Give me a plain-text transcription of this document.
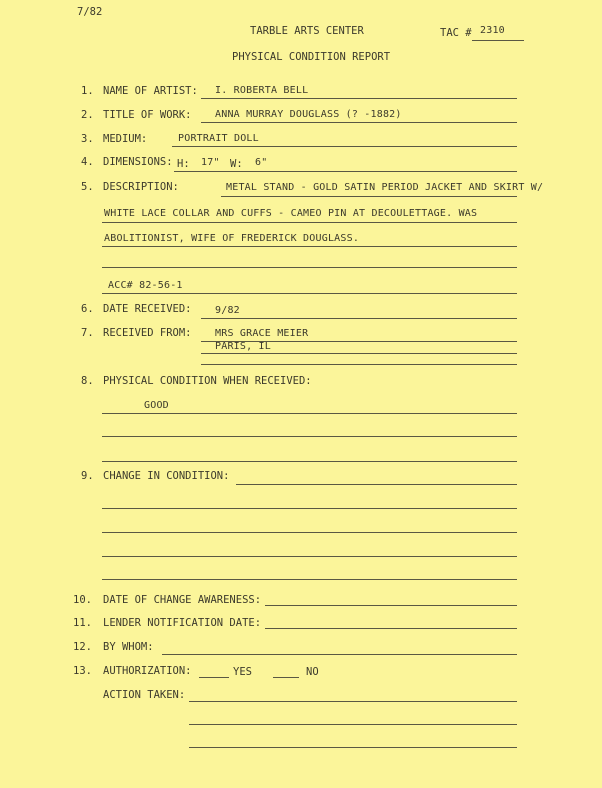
7/82
TARBLE ARTS CENTER	TAC # 2310
PHYSICAL CONDITION REPORT
1. NAME OF ARTIST: I. ROBERTA BELL
2. TITLE OF WORK: ANNA MURRAY DOUGLASS (? -1882)
3. MEDIUM:	PORTRAIT DOLL
4. DIMENSIONS: H: 17" W: 6"
5. DESCRIPTION:	METAL STAND - GOLD SATIN PERIOD JACKET AND SKIRT W/
WHITE LACE COLLAR AND CUFFS - CAMEO PIN AT DECOULETTAGE. WAS
ABOLITIONIST, WIFE OF FREDERICK DOUGLASS.
ACC# 82-56-1
6. DATE RECEIVED: 9/82
7. RECEIVED FROM: MRS GRACE MEIER
PARIS, IL
8. PHYSICAL CONDITION WHEN RECEIVED:
GOOD
9. CHANGE IN CONDITION:
10. DATE OF CHANGE AWARENESS:
11. LENDER NOTIFICATION DATE:
12. BY WHOM:
13. AUTHORIZATION:	YES	NO
ACTION TAKEN:
